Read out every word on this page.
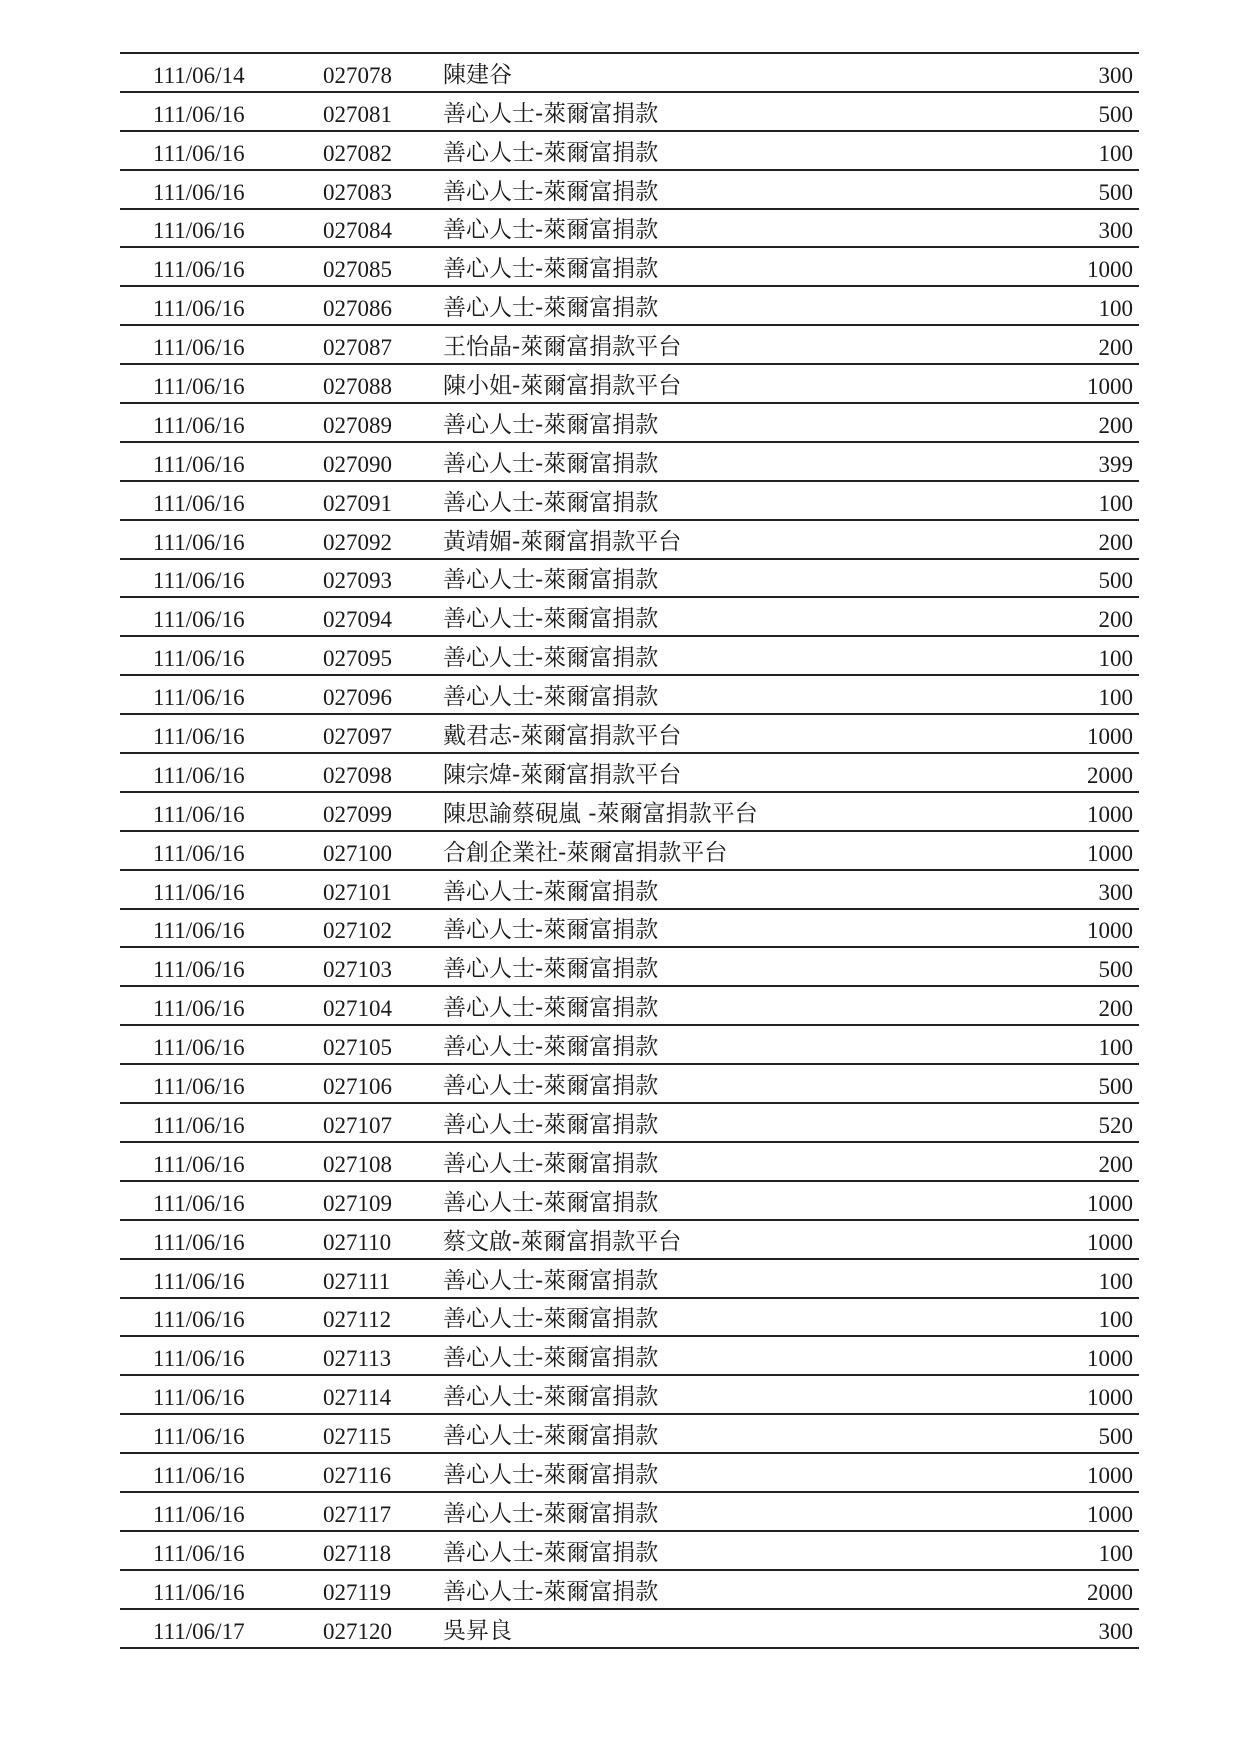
111/06/14	027078	陳建谷	300
111/06/16	027081	善心人士-萊爾富捐款	500
111/06/16	027082	善心人士-萊爾富捐款	100
111/06/16	027083	善心人士-萊爾富捐款	500
111/06/16	027084	善心人士-萊爾富捐款	300
111/06/16	027085	善心人士-萊爾富捐款	1000
111/06/16	027086	善心人士-萊爾富捐款	100
111/06/16	027087	王怡晶-萊爾富捐款平台	200
111/06/16	027088	陳小姐-萊爾富捐款平台	1000
111/06/16	027089	善心人士-萊爾富捐款	200
111/06/16	027090	善心人士-萊爾富捐款	399
111/06/16	027091	善心人士-萊爾富捐款	100
111/06/16	027092	黃靖媚-萊爾富捐款平台	200
111/06/16	027093	善心人士-萊爾富捐款	500
111/06/16	027094	善心人士-萊爾富捐款	200
111/06/16	027095	善心人士-萊爾富捐款	100
111/06/16	027096	善心人士-萊爾富捐款	100
111/06/16	027097	戴君志-萊爾富捐款平台	1000
111/06/16	027098	陳宗煒-萊爾富捐款平台	2000
111/06/16	027099	陳思諭蔡硯嵐 -萊爾富捐款平台	1000
111/06/16	027100	合創企業社-萊爾富捐款平台	1000
111/06/16	027101	善心人士-萊爾富捐款	300
111/06/16	027102	善心人士-萊爾富捐款	1000
111/06/16	027103	善心人士-萊爾富捐款	500
111/06/16	027104	善心人士-萊爾富捐款	200
111/06/16	027105	善心人士-萊爾富捐款	100
111/06/16	027106	善心人士-萊爾富捐款	500
111/06/16	027107	善心人士-萊爾富捐款	520
111/06/16	027108	善心人士-萊爾富捐款	200
111/06/16	027109	善心人士-萊爾富捐款	1000
111/06/16	027110	蔡文啟-萊爾富捐款平台	1000
111/06/16	027111	善心人士-萊爾富捐款	100
111/06/16	027112	善心人士-萊爾富捐款	100
111/06/16	027113	善心人士-萊爾富捐款	1000
111/06/16	027114	善心人士-萊爾富捐款	1000
111/06/16	027115	善心人士-萊爾富捐款	500
111/06/16	027116	善心人士-萊爾富捐款	1000
111/06/16	027117	善心人士-萊爾富捐款	1000
111/06/16	027118	善心人士-萊爾富捐款	100
111/06/16	027119	善心人士-萊爾富捐款	2000
111/06/17	027120	吳昇良	300
